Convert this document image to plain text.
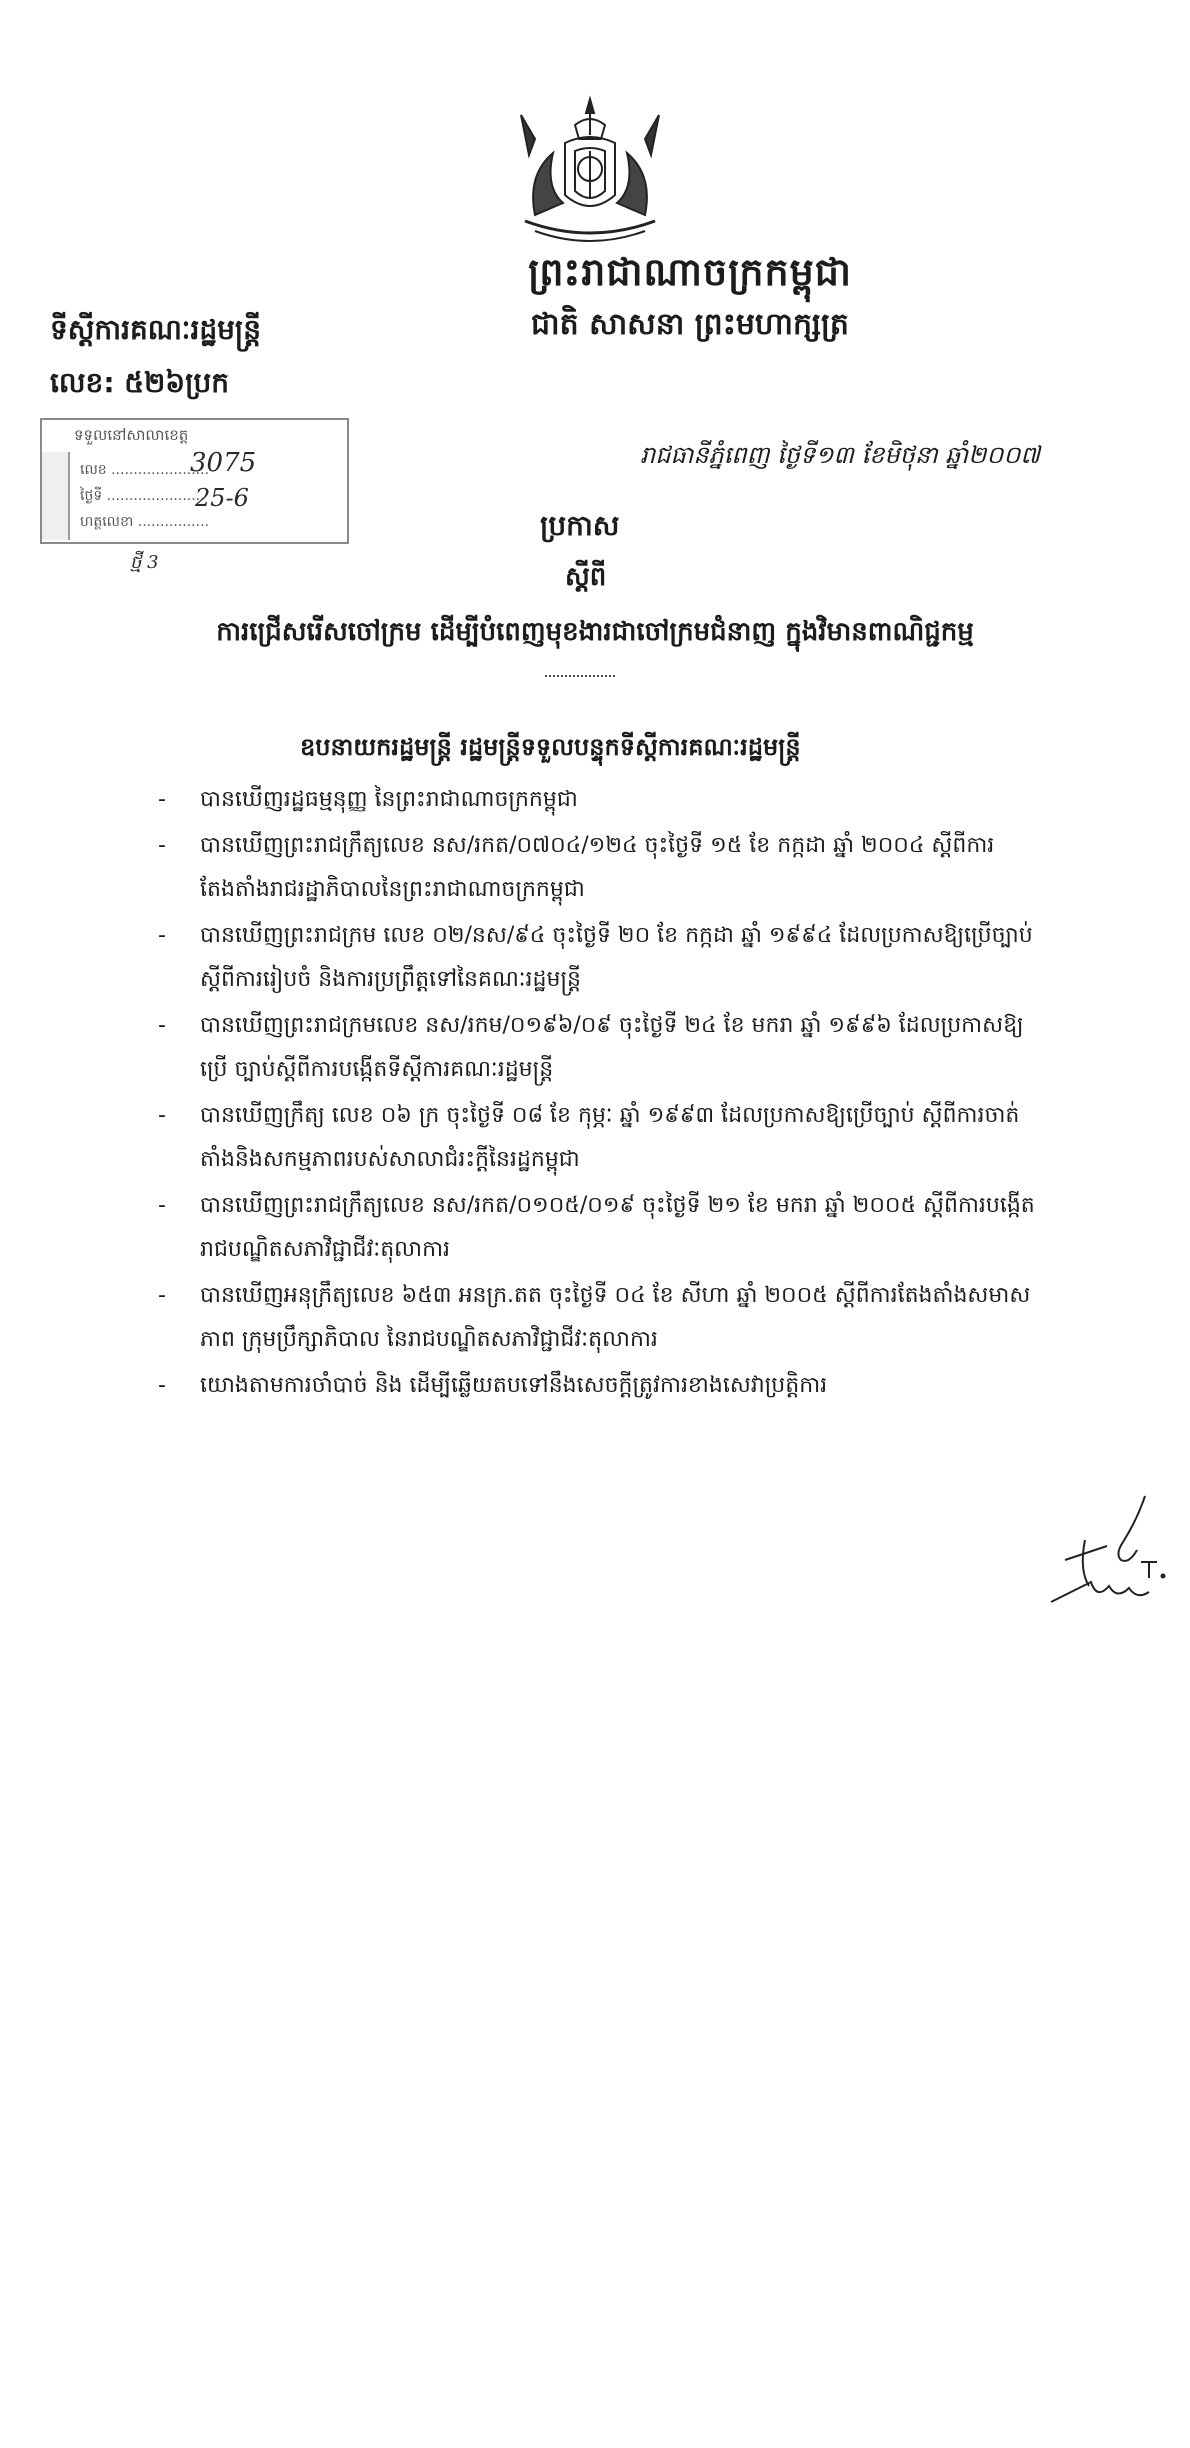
ព្រះរាជាណាចក្រកម្ពុជា
ជាតិ សាសនា ព្រះមហាក្សត្រ
ទីស្តីការគណៈរដ្ឋមន្ត្រី
លេខ: ៥២៦ប្រក
រាជធានីភ្នំពេញ ថ្ងៃទី១៣ ខែមិថុនា ឆ្នាំ២០០៧
ទទួលនៅសាលាខេត្ត
លេខ ......................
ថ្ងៃទី ......................
ហត្ថលេខា ................
3075
25-6
ថ្មី 3
ប្រកាស
ស្តីពី
ការជ្រើសរើសចៅក្រម ដើម្បីបំពេញមុខងារជាចៅក្រមជំនាញ ក្នុងវិមានពាណិជ្ជកម្ម
ឧបនាយករដ្ឋមន្ត្រី រដ្ឋមន្ត្រីទទួលបន្ទុកទីស្តីការគណៈរដ្ឋមន្ត្រី
- បានឃើញរដ្ឋធម្មនុញ្ញ នៃព្រះរាជាណាចក្រកម្ពុជា
- បានឃើញព្រះរាជក្រឹត្យលេខ នស/រកត/០៧០៤/១២៤ ចុះថ្ងៃទី ១៥ ខែ កក្កដា ឆ្នាំ ២០០៤ ស្តីពីការតែងតាំងរាជរដ្ឋាភិបាលនៃព្រះរាជាណាចក្រកម្ពុជា
- បានឃើញព្រះរាជក្រម លេខ ០២/នស/៩៤ ចុះថ្ងៃទី ២០ ខែ កក្កដា ឆ្នាំ ១៩៩៤ ដែលប្រកាសឱ្យប្រើច្បាប់ ស្តីពីការរៀបចំ និងការប្រព្រឹត្តទៅនៃគណៈរដ្ឋមន្ត្រី
- បានឃើញព្រះរាជក្រមលេខ នស/រកម/០១៩៦/០៩ ចុះថ្ងៃទី ២៤ ខែ មករា ឆ្នាំ ១៩៩៦ ដែលប្រកាសឱ្យប្រើ ច្បាប់ស្តីពីការបង្កើតទីស្តីការគណៈរដ្ឋមន្ត្រី
- បានឃើញក្រឹត្យ លេខ ០៦ ក្រ ចុះថ្ងៃទី ០៨ ខែ កុម្ភៈ ឆ្នាំ ១៩៩៣ ដែលប្រកាសឱ្យប្រើច្បាប់ ស្តីពីការចាត់តាំងនិងសកម្មភាពរបស់សាលាជំរះក្តីនៃរដ្ឋកម្ពុជា
- បានឃើញព្រះរាជក្រឹត្យលេខ នស/រកត/០១០៥/០១៩ ចុះថ្ងៃទី ២១ ខែ មករា ឆ្នាំ ២០០៥ ស្តីពីការបង្កើត រាជបណ្ឌិតសភាវិជ្ជាជីវៈតុលាការ
- បានឃើញអនុក្រឹត្យលេខ ៦៥៣ អនក្រ.តត ចុះថ្ងៃទី ០៤ ខែ សីហា ឆ្នាំ ២០០៥ ស្តីពីការតែងតាំងសមាសភាព ក្រុមប្រឹក្សាភិបាល នៃរាជបណ្ឌិតសភាវិជ្ជាជីវៈតុលាការ
- យោងតាមការចាំបាច់ និង ដើម្បីឆ្លើយតបទៅនឹងសេចក្តីត្រូវការខាងសេវាប្រត្តិការ
